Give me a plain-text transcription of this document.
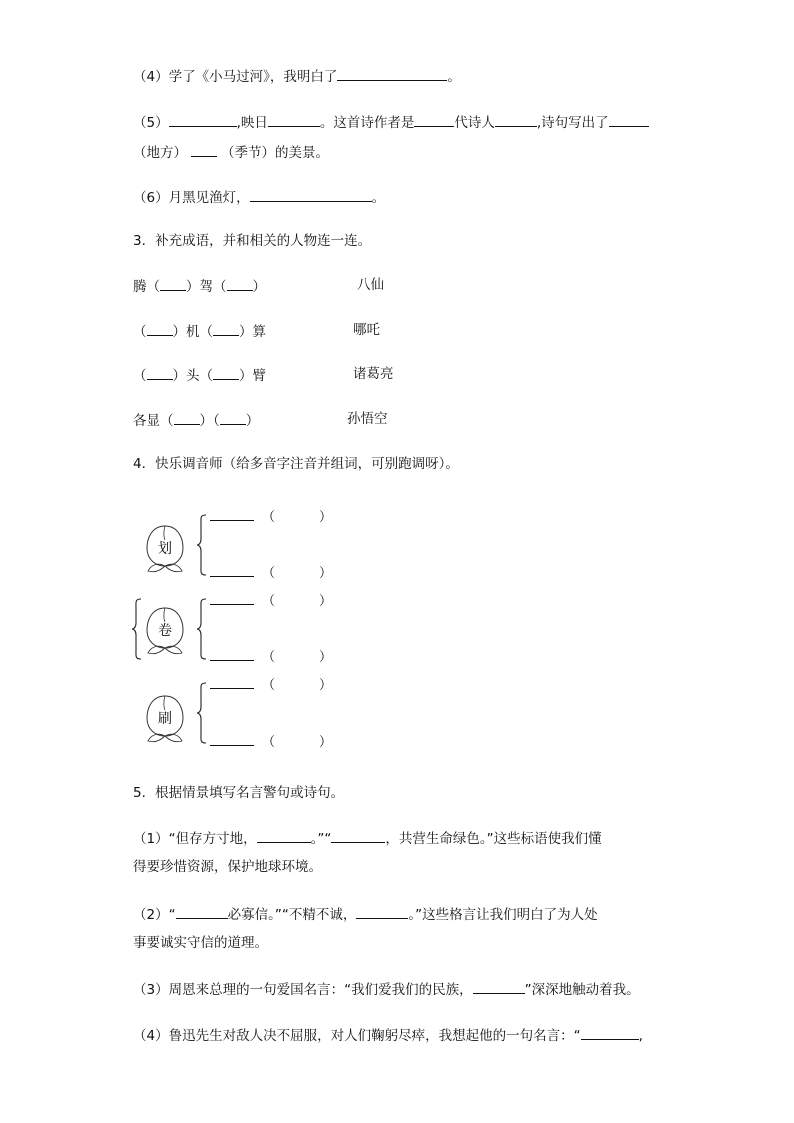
（4）学了《小马过河》，我明白了	。
（5）	,映日	。这首诗作者是	代诗人	,诗句写出了
（地方）	（季节）的美景。
（6）月黑见渔灯，	。
3．补充成语，并和相关的人物连一连。
腾（ ）驾（ ）	八仙
（ ）机（ ）算	哪吒
（ ）头（ ）臂	诸葛亮
各显（ ）（ ）	孙悟空
4．快乐调音师（给多音字注音并组词，可别跑调呀）。
划
（	）
（	）
卷
（	）
（	）
刷
（	）
（	）
5．根据情景填写名言警句或诗句。
（1）“但存方寸地，	。”“	，共营生命绿色。”这些标语使我们懂
得要珍惜资源，保护地球环境。
（2）“	必寡信。”“不精不诚，	。”这些格言让我们明白了为人处
事要诚实守信的道理。
（3）周恩来总理的一句爱国名言：“我们爱我们的民族，	”深深地触动着我。
（4）鲁迅先生对敌人决不屈服，对人们鞠躬尽瘁，我想起他的一句名言：“	,
